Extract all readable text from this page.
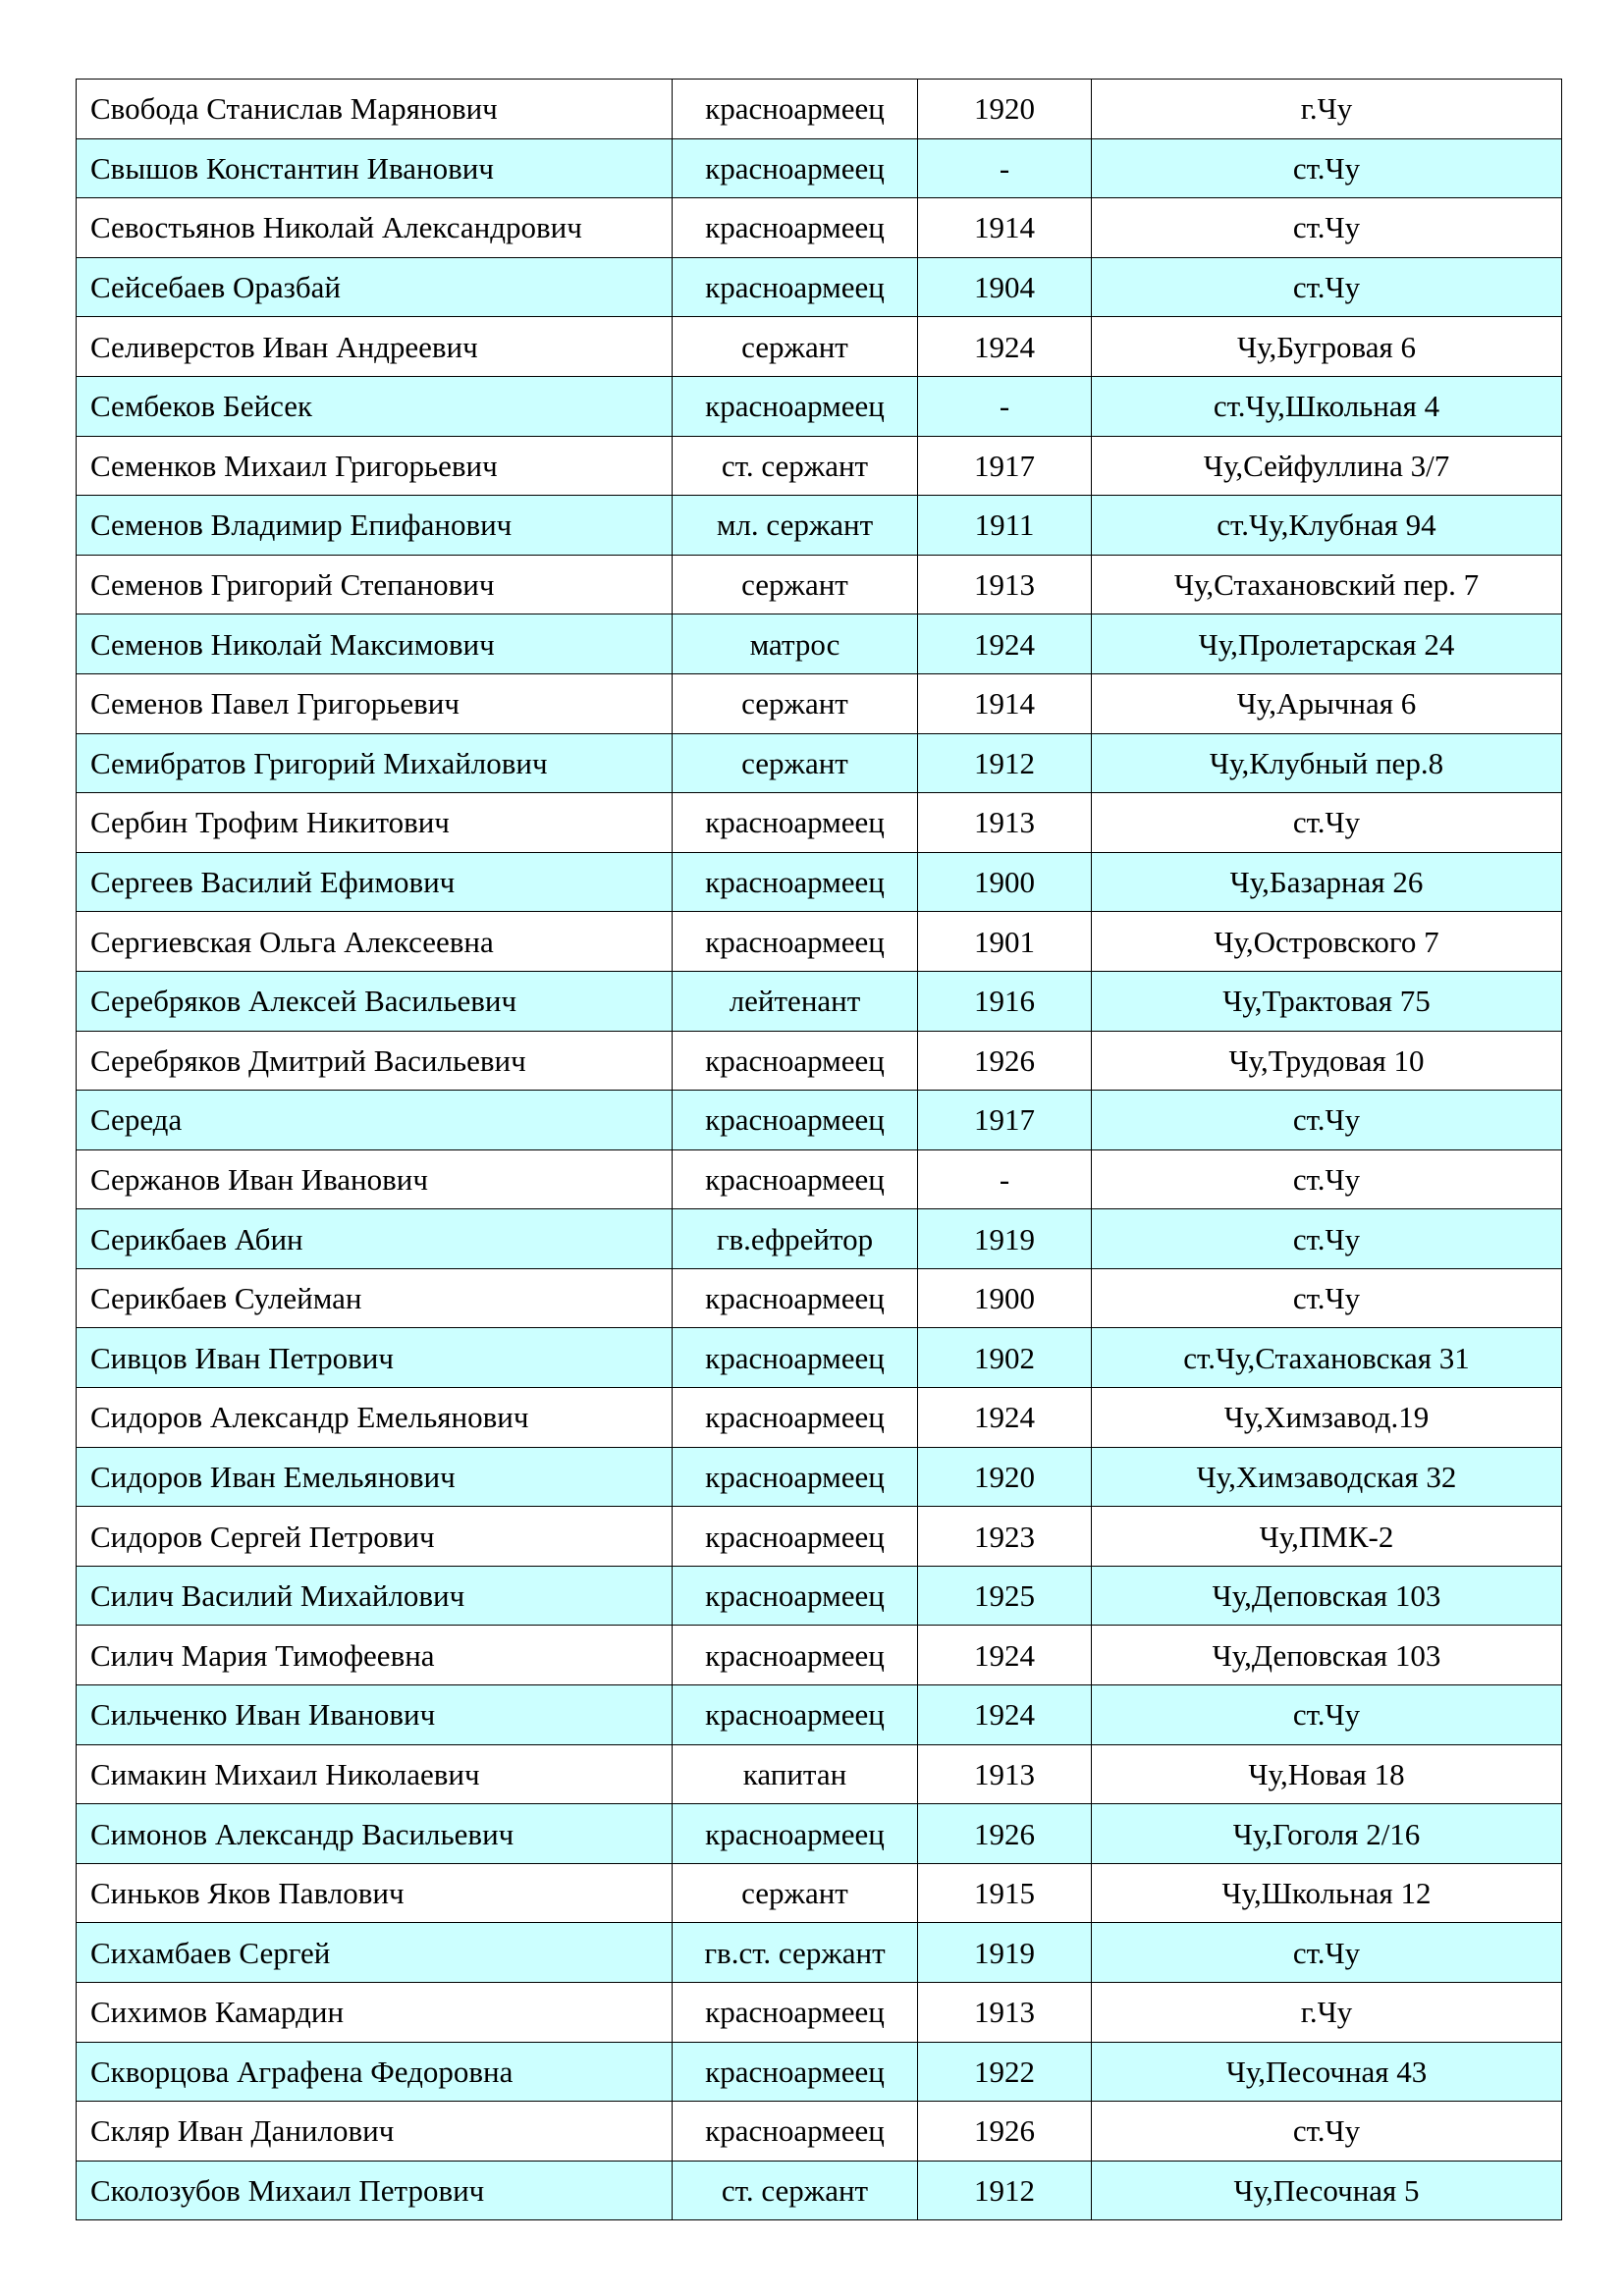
Свобода Станислав Марянович	красноармеец	1920	г.Чу
Свышов Константин Иванович	красноармеец	-	ст.Чу
Севостьянов Николай Александрович	красноармеец	1914	ст.Чу
Сейсебаев Оразбай	красноармеец	1904	ст.Чу
Селиверстов Иван Андреевич	сержант	1924	Чу,Бугровая 6
Сембеков Бейсек	красноармеец	-	ст.Чу,Школьная 4
Семенков Михаил Григорьевич	ст. сержант	1917	Чу,Сейфуллина 3/7
Семенов Владимир Епифанович	мл. сержант	1911	ст.Чу,Клубная 94
Семенов Григорий Степанович	сержант	1913	Чу,Стахановский пер. 7
Семенов Николай Максимович	матрос	1924	Чу,Пролетарская 24
Семенов Павел Григорьевич	сержант	1914	Чу,Арычная 6
Семибратов Григорий Михайлович	сержант	1912	Чу,Клубный пер.8
Сербин Трофим Никитович	красноармеец	1913	ст.Чу
Сергеев Василий Ефимович	красноармеец	1900	Чу,Базарная 26
Сергиевская Ольга Алексеевна	красноармеец	1901	Чу,Островского 7
Серебряков Алексей Васильевич	лейтенант	1916	Чу,Трактовая 75
Серебряков Дмитрий Васильевич	красноармеец	1926	Чу,Трудовая 10
Середа	красноармеец	1917	ст.Чу
Сержанов Иван Иванович	красноармеец	-	ст.Чу
Серикбаев Абин	гв.ефрейтор	1919	ст.Чу
Серикбаев Сулейман	красноармеец	1900	ст.Чу
Сивцов Иван Петрович	красноармеец	1902	ст.Чу,Стахановская 31
Сидоров Александр Емельянович	красноармеец	1924	Чу,Химзавод.19
Сидоров Иван Емельянович	красноармеец	1920	Чу,Химзаводская 32
Сидоров Сергей Петрович	красноармеец	1923	Чу,ПМК-2
Силич Василий Михайлович	красноармеец	1925	Чу,Деповская 103
Силич Мария Тимофеевна	красноармеец	1924	Чу,Деповская 103
Сильченко Иван Иванович	красноармеец	1924	ст.Чу
Симакин Михаил Николаевич	капитан	1913	Чу,Новая 18
Симонов Александр Васильевич	красноармеец	1926	Чу,Гоголя 2/16
Синьков Яков Павлович	сержант	1915	Чу,Школьная 12
Сихамбаев Сергей	гв.ст. сержант	1919	ст.Чу
Сихимов Камардин	красноармеец	1913	г.Чу
Скворцова Аграфена Федоровна	красноармеец	1922	Чу,Песочная 43
Скляр Иван Данилович	красноармеец	1926	ст.Чу
Сколозубов Михаил Петрович	ст. сержант	1912	Чу,Песочная 5
